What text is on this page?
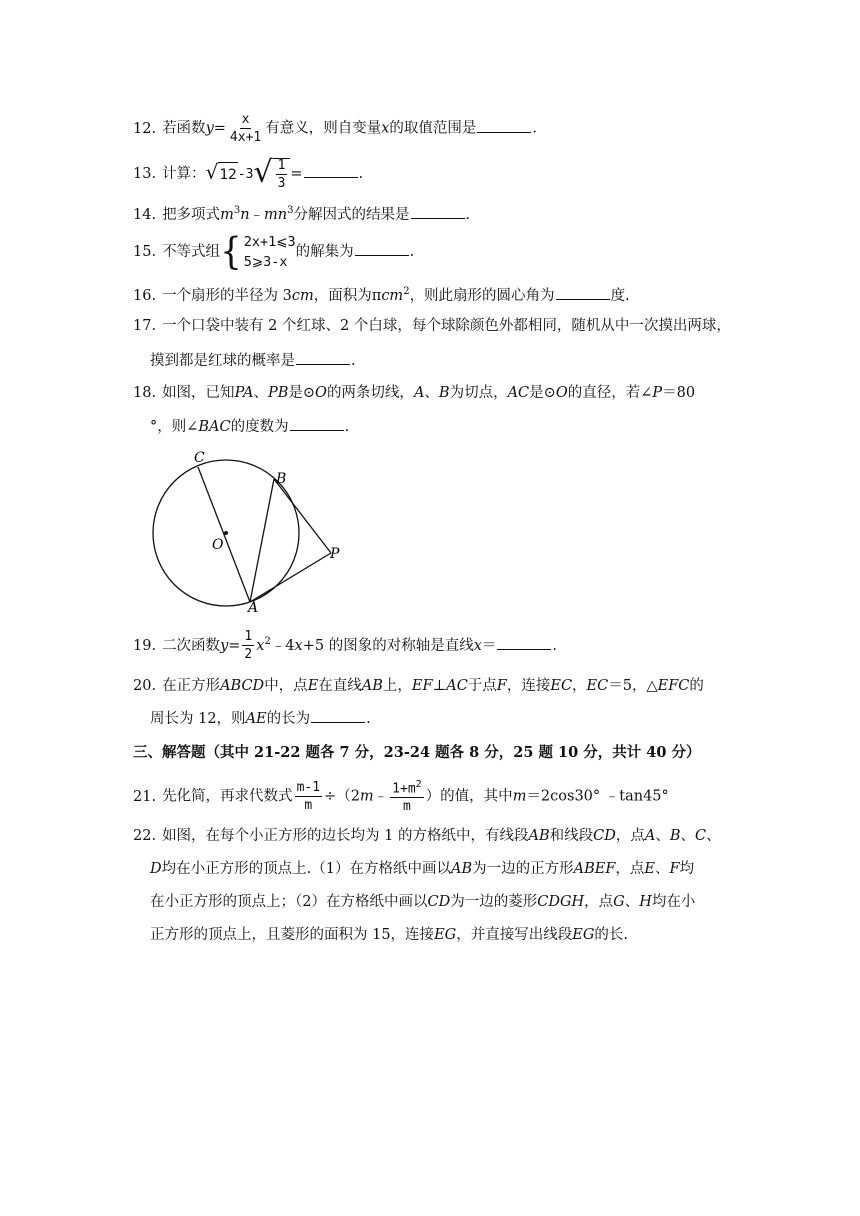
12. 若函数$y= \frac{x}{4x+1}$ 有意义，则自变量x的取值范围是	.
13. 计算： √ 12 -3 √ $\frac{1}{3}$ =	.
14. 把多项式$m^3n﹣mn^3$分解因式的结果是	.
15. 不等式组 { 2x+1⩽3
5⩾3-x
的解集为	.
16. 一个扇形的半径为 3cm，面积为πcm$^2$，则此扇形的圆心角为	度.
17. 一个口袋中装有 2 个红球、2 个白球，每个球除颜色外都相同，随机从中一次摸出两球，
摸到都是红球的概率是	.
18. 如图，已知PA、PB是⊙O的两条切线，A、B为切点，AC是⊙O的直径，若∠P＝80
°，则∠BAC的度数为	.
C
B
O
P
A
19. 二次函数$y= \frac{1}{2}$ $x^2﹣4x+5$ 的图象的对称轴是直线x＝	.
20. 在正方形ABCD中，点E在直线AB上，EF⊥AC于点F，连接EC，EC＝5，△EFC的
周长为 12，则AE的长为	.
三、解答题（其中 21-22 题各 7 分，23-24 题各 8 分，25 题 10 分，共计 40 分）
21. 先化简，再求代数式 $\frac{m-1}{m}$ ÷（2m﹣ $\frac{1+m^2}{m}$ ）的值，其中m＝2cos30° ﹣tan45°
22. 如图，在每个小正方形的边长均为 1 的方格纸中，有线段AB和线段CD，点A、B、C、
D均在小正方形的顶点上.（1）在方格纸中画以AB为一边的正方形ABEF，点E、F均
在小正方形的顶点上；（2）在方格纸中画以CD为一边的菱形CDGH，点G、H均在小
正方形的顶点上，且菱形的面积为 15，连接EG，并直接写出线段EG的长.
